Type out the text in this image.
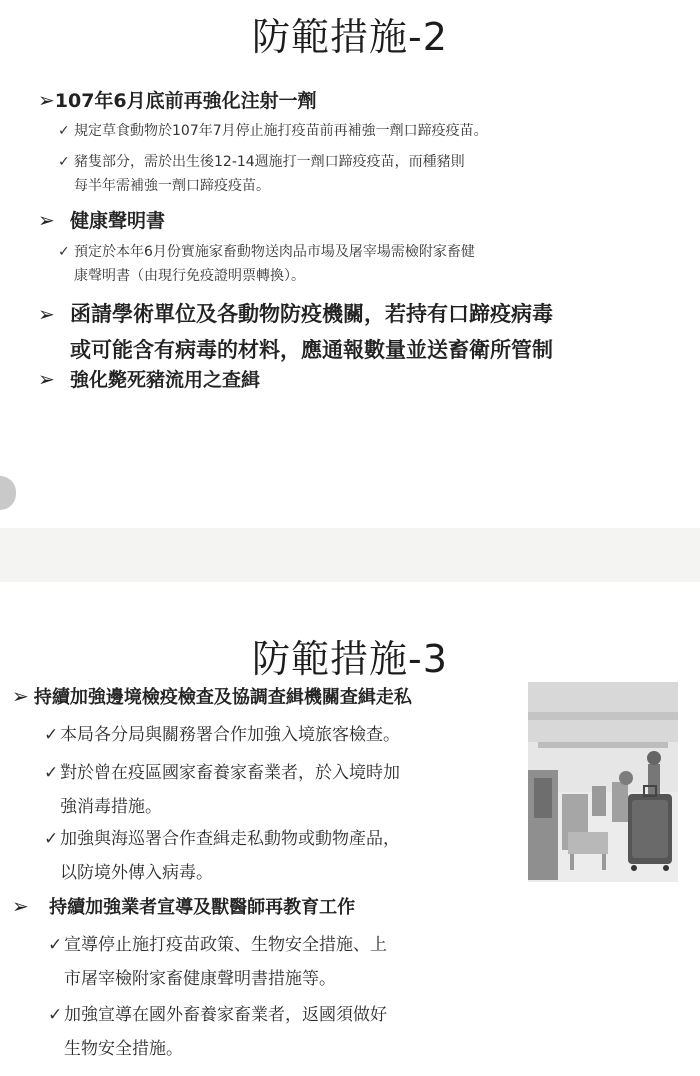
防範措施-2
➢107年6月底前再強化注射一劑
✓ 規定草食動物於107年7月停止施打疫苗前再補強一劑口蹄疫疫苗。
✓ 豬隻部分，需於出生後12-14週施打一劑口蹄疫疫苗，而種豬則
每半年需補強一劑口蹄疫疫苗。
➢ 健康聲明書
✓ 預定於本年6月份實施家畜動物送肉品市場及屠宰場需檢附家畜健
康聲明書（由現行免疫證明票轉換）。
➢ 函請學術單位及各動物防疫機關，若持有口蹄疫病毒
或可能含有病毒的材料，應通報數量並送畜衛所管制
➢ 強化斃死豬流用之查緝
防範措施-3
➢ 持續加強邊境檢疫檢查及協調查緝機關查緝走私
✓ 本局各分局與關務署合作加強入境旅客檢查。
✓ 對於曾在疫區國家畜養家畜業者，於入境時加
強消毒措施。
✓ 加強與海巡署合作查緝走私動物或動物產品，
以防境外傳入病毒。
➢ 持續加強業者宣導及獸醫師再教育工作
✓ 宣導停止施打疫苗政策、生物安全措施、上
市屠宰檢附家畜健康聲明書措施等。
✓ 加強宣導在國外畜養家畜業者，返國須做好
生物安全措施。
